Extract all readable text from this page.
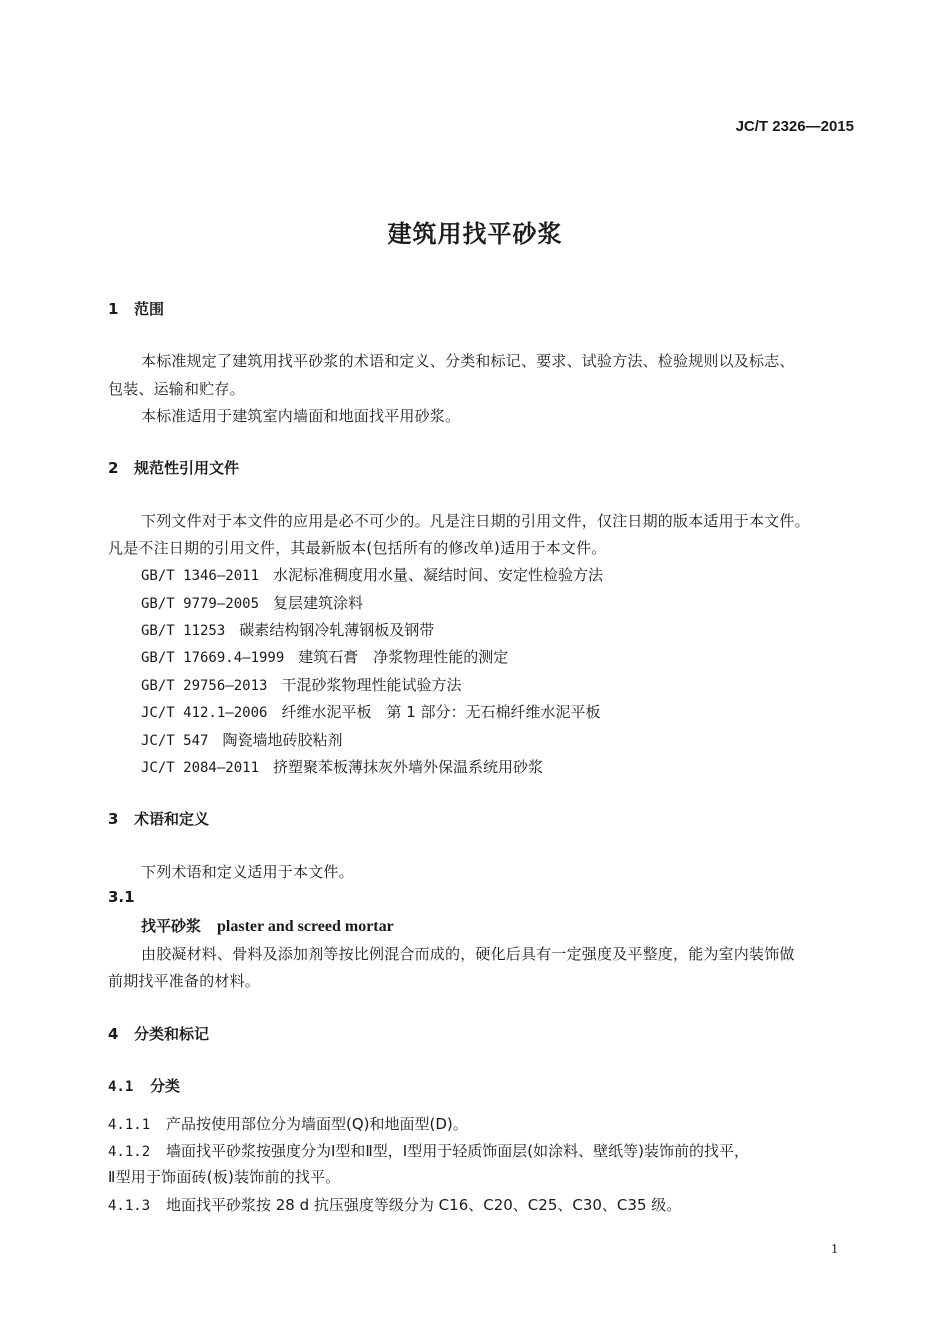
JC/T 2326—2015
建筑用找平砂浆
1 范围
本标准规定了建筑用找平砂浆的术语和定义、分类和标记、要求、试验方法、检验规则以及标志、
包装、运输和贮存。
本标准适用于建筑室内墙面和地面找平用砂浆。
2 规范性引用文件
下列文件对于本文件的应用是必不可少的。凡是注日期的引用文件，仅注日期的版本适用于本文件。
凡是不注日期的引用文件，其最新版本(包括所有的修改单)适用于本文件。
GB/T 1346—2011 水泥标准稠度用水量、凝结时间、安定性检验方法
GB/T 9779—2005 复层建筑涂料
GB/T 11253 碳素结构钢冷轧薄钢板及钢带
GB/T 17669.4—1999 建筑石膏　净浆物理性能的测定
GB/T 29756—2013 干混砂浆物理性能试验方法
JC/T 412.1—2006 纤维水泥平板　第 1 部分：无石棉纤维水泥平板
JC/T 547 陶瓷墙地砖胶粘剂
JC/T 2084—2011 挤塑聚苯板薄抹灰外墙外保温系统用砂浆
3 术语和定义
下列术语和定义适用于本文件。
3.1
找平砂浆 plaster and screed mortar
由胶凝材料、骨料及添加剂等按比例混合而成的，硬化后具有一定强度及平整度，能为室内装饰做
前期找平准备的材料。
4 分类和标记
4.1 分类
4.1.1 产品按使用部位分为墙面型(Q)和地面型(D)。
4.1.2 墙面找平砂浆按强度分为Ⅰ型和Ⅱ型，Ⅰ型用于轻质饰面层(如涂料、壁纸等)装饰前的找平，
Ⅱ型用于饰面砖(板)装饰前的找平。
4.1.3 地面找平砂浆按 28 d 抗压强度等级分为 C16、C20、C25、C30、C35 级。
1
